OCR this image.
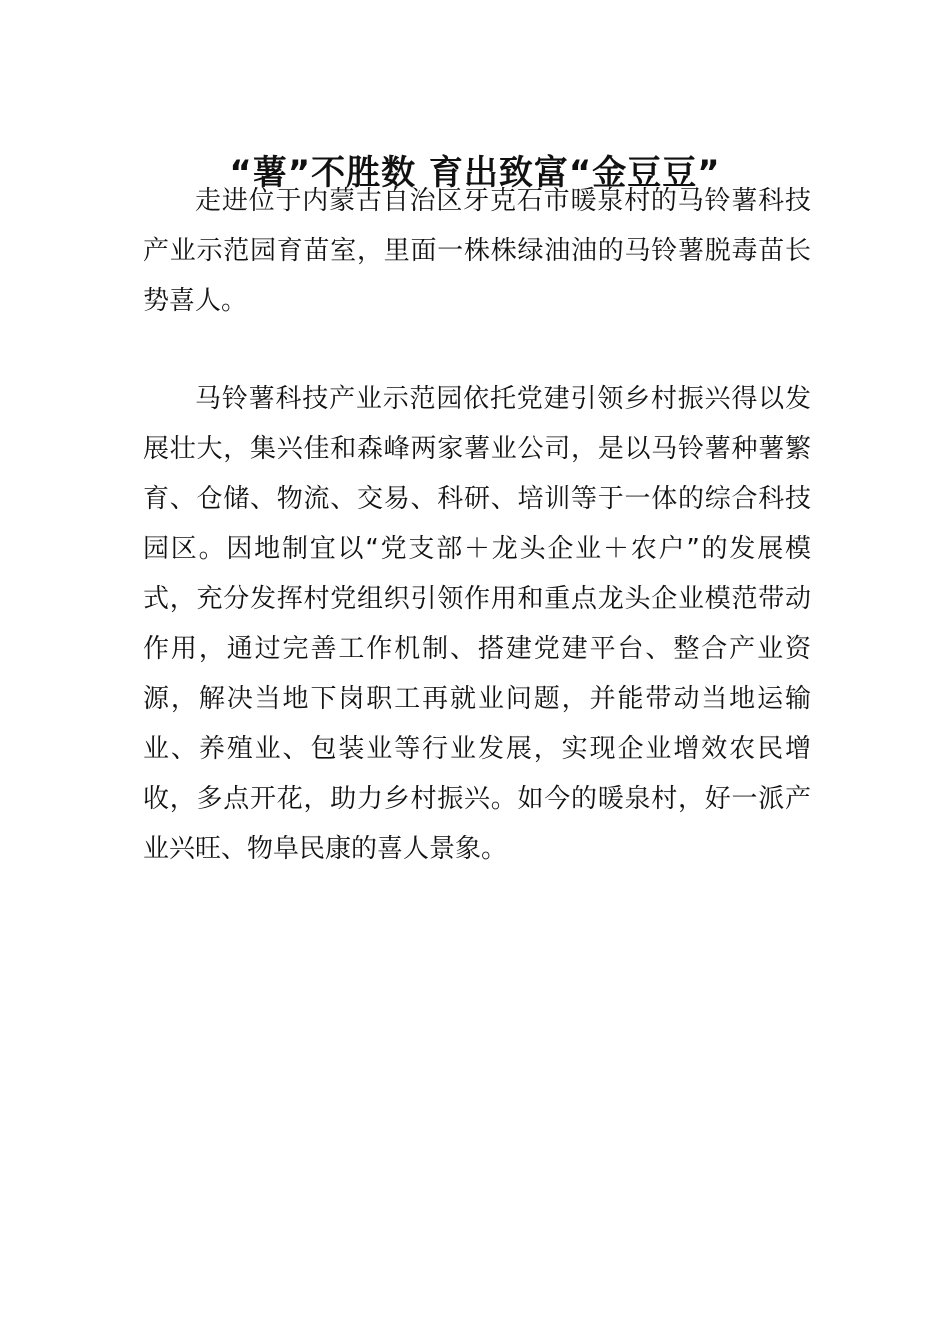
“薯”不胜数 育出致富“金豆豆”
走进位于内蒙古自治区牙克石市暖泉村的马铃薯科技
产业示范园育苗室，里面一株株绿油油的马铃薯脱毒苗长
势喜人。
马铃薯科技产业示范园依托党建引领乡村振兴得以发
展壮大，集兴佳和森峰两家薯业公司，是以马铃薯种薯繁
育、仓储、物流、交易、科研、培训等于一体的综合科技
园区。因地制宜以“党支部＋龙头企业＋农户”的发展模
式，充分发挥村党组织引领作用和重点龙头企业模范带动
作用，通过完善工作机制、搭建党建平台、整合产业资
源，解决当地下岗职工再就业问题，并能带动当地运输
业、养殖业、包装业等行业发展，实现企业增效农民增
收，多点开花，助力乡村振兴。如今的暖泉村，好一派产
业兴旺、物阜民康的喜人景象。
